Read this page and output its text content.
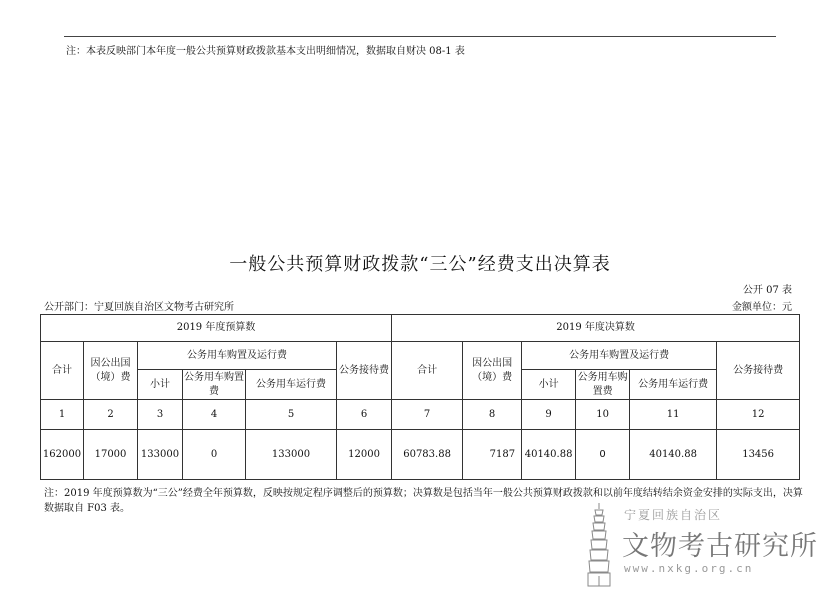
注：本表反映部门本年度一般公共预算财政拨款基本支出明细情况，数据取自财决 08-1 表
一般公共预算财政拨款“三公”经费支出决算表
公开 07 表
公开部门：宁夏回族自治区文物考古研究所	金额单位：元
2019 年度预算数						2019 年度决算数					
合计	因公出国（境）费	公务用车购置及运行费			公务接待费	合计	因公出国（境）费	公务用车购置及运行费			公务接待费
		小计	公务用车购置费	公务用车运行费				小计	公务用车购置费	公务用车运行费	
1	2	3	4	5	6	7	8	9	10	11	12
162000	17000	133000	0	133000	12000	60783.88	7187	40140.88	0	40140.88	13456
注：2019 年度预算数为“三公”经费全年预算数，反映按规定程序调整后的预算数；决算数是包括当年一般公共预算财政拨款和以前年度结转结余资金安排的实际支出，决算数据取自 F03 表。	宁夏回族自治区
文物考古研究所
www.nxkg.org.cn
